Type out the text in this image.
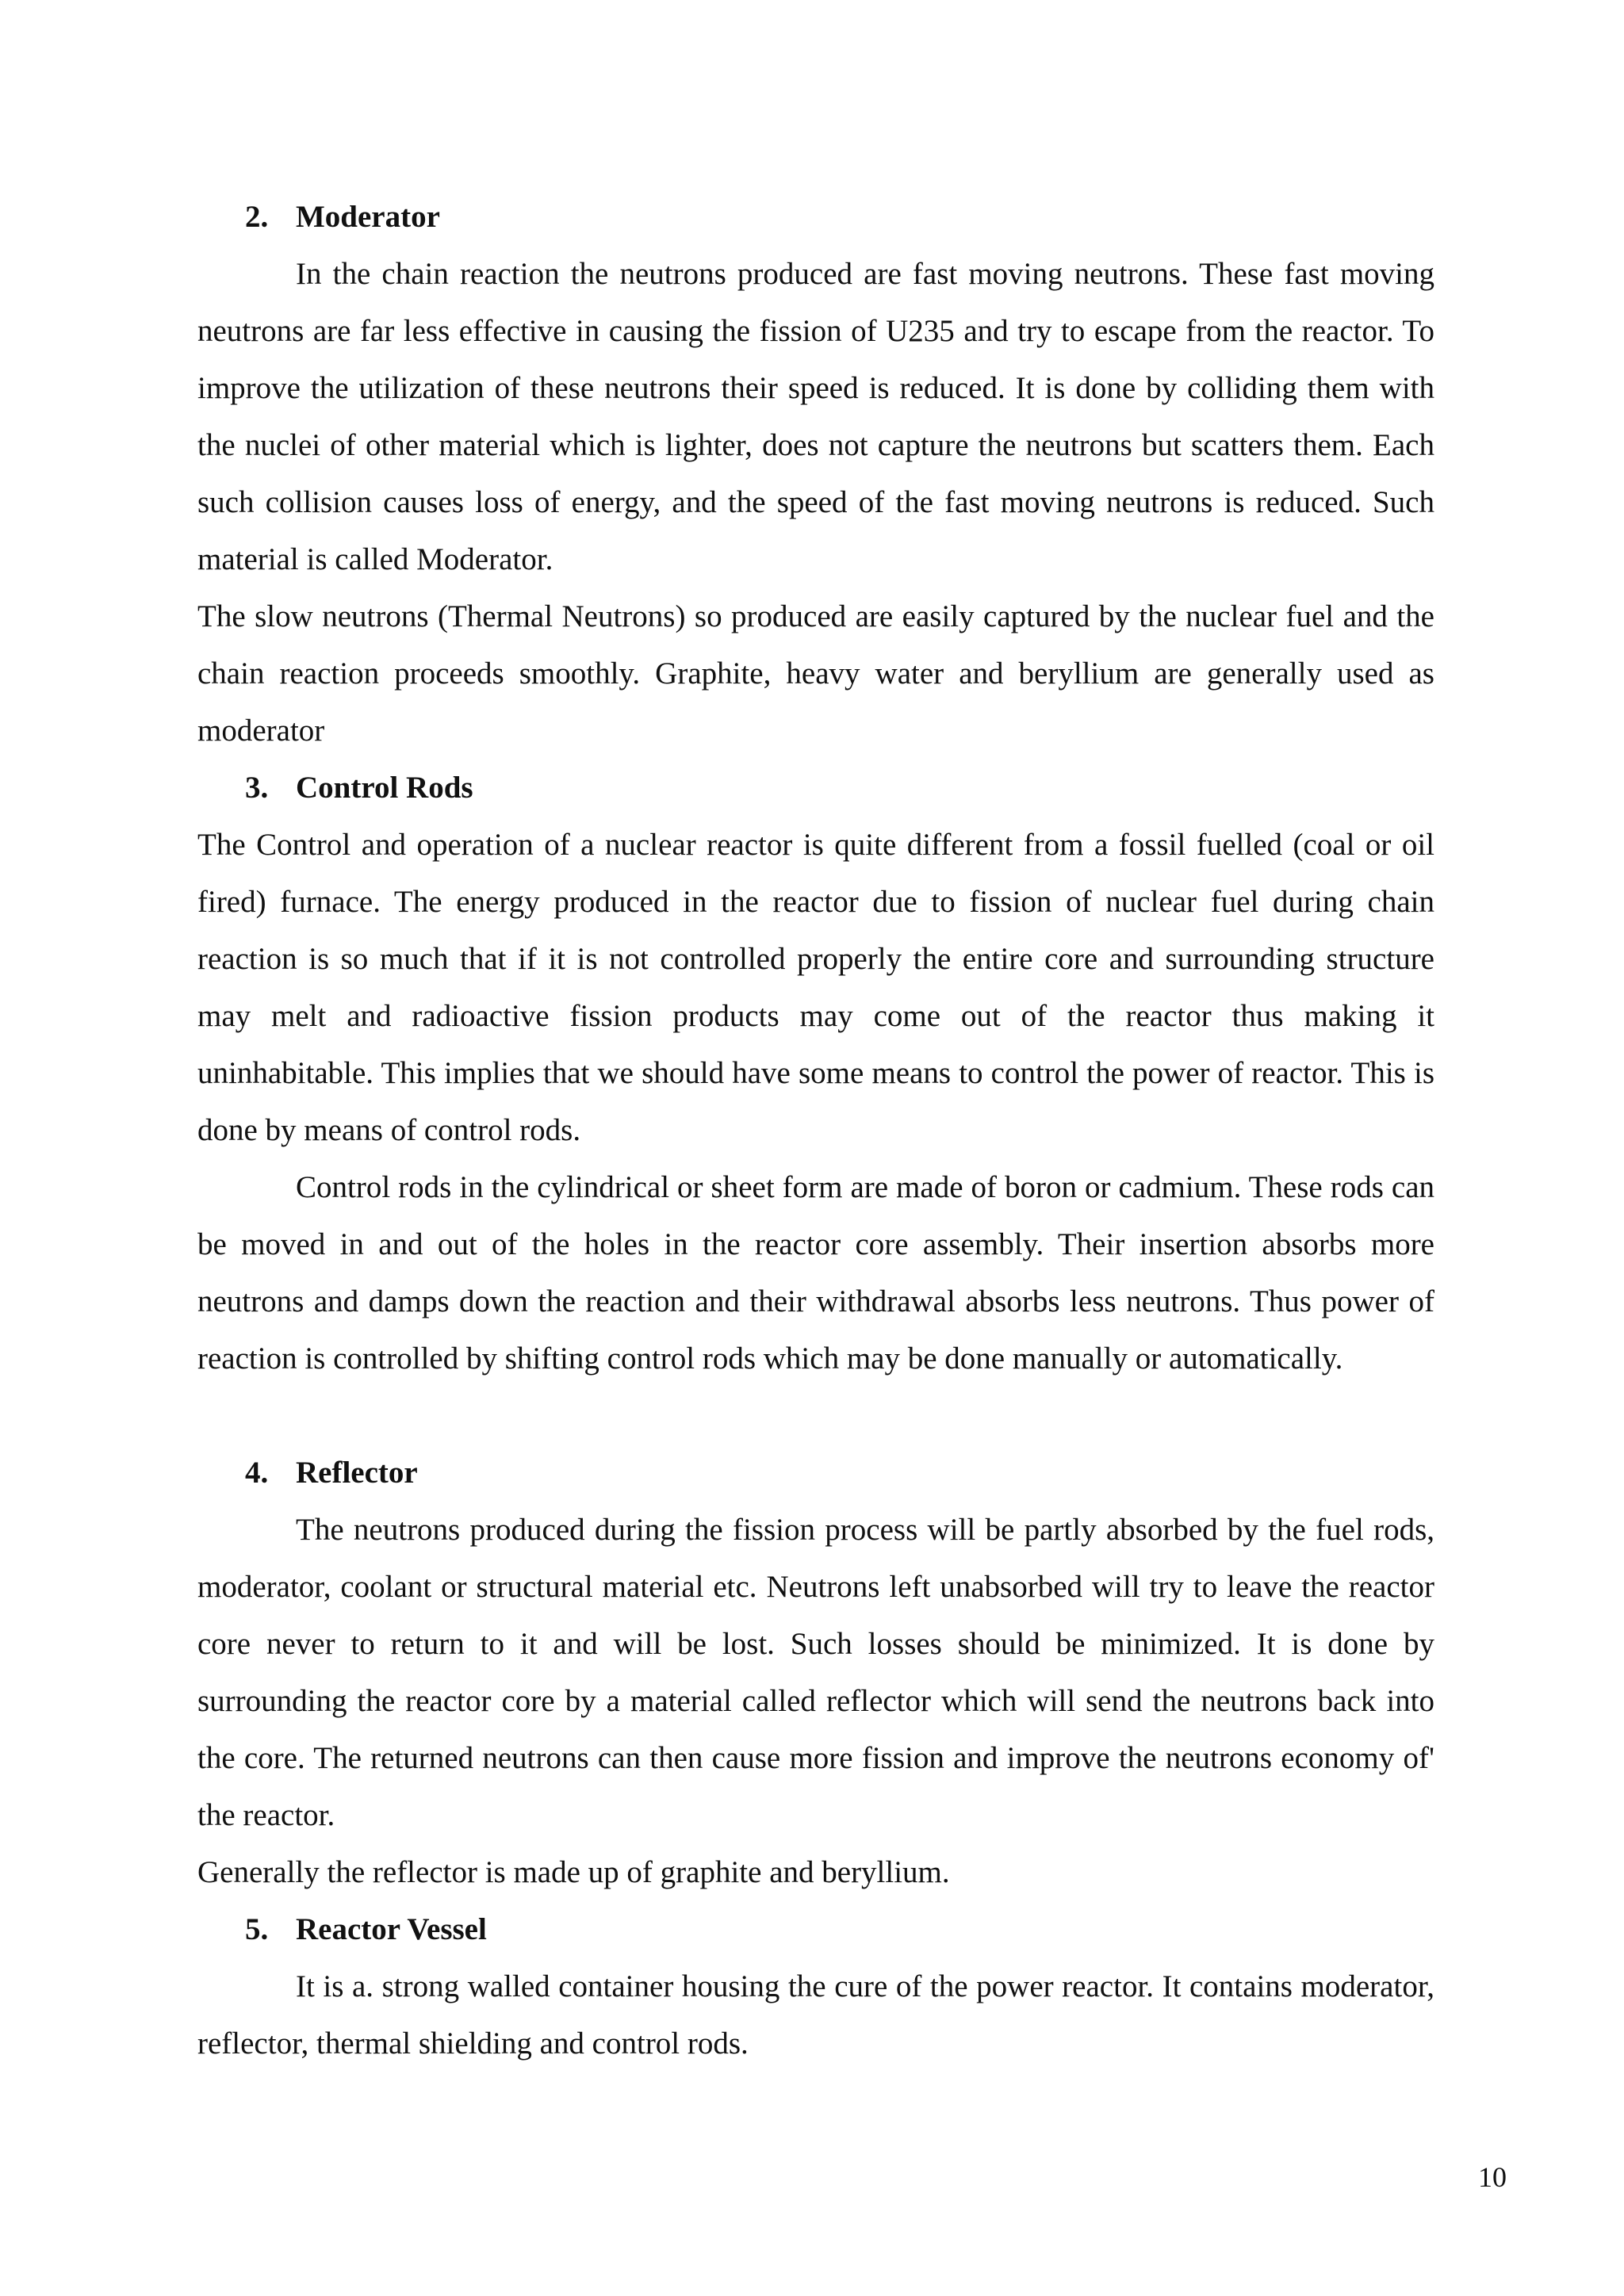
2. Moderator

In the chain reaction the neutrons produced are fast moving neutrons. These fast moving neutrons are far less effective in causing the fission of U235 and try to escape from the reactor. To improve the utilization of these neutrons their speed is reduced. It is done by colliding them with the nuclei of other material which is lighter, does not capture the neutrons but scatters them. Each such collision causes loss of energy, and the speed of the fast moving neutrons is reduced. Such material is called Moderator.

The slow neutrons (Thermal Neutrons) so produced are easily captured by the nuclear fuel and the chain reaction proceeds smoothly. Graphite, heavy water and beryllium are generally used as moderator

3. Control Rods

The Control and operation of a nuclear reactor is quite different from a fossil fuelled (coal or oil fired) furnace. The energy produced in the reactor due to fission of nuclear fuel during chain reaction is so much that if it is not controlled properly the entire core and surrounding structure may melt and radioactive fission products may come out of the reactor thus making it uninhabitable. This implies that we should have some means to control the power of reactor. This is done by means of control rods.

Control rods in the cylindrical or sheet form are made of boron or cadmium. These rods can be moved in and out of the holes in the reactor core assembly. Their insertion absorbs more neutrons and damps down the reaction and their withdrawal absorbs less neutrons. Thus power of reaction is controlled by shifting control rods which may be done manually or automatically.

4. Reflector

The neutrons produced during the fission process will be partly absorbed by the fuel rods, moderator, coolant or structural material etc. Neutrons left unabsorbed will try to leave the reactor core never to return to it and will be lost. Such losses should be minimized. It is done by surrounding the reactor core by a material called reflector which will send the neutrons back into the core. The returned neutrons can then cause more fission and improve the neutrons economy of' the reactor.

Generally the reflector is made up of graphite and beryllium.

5. Reactor Vessel

It is a. strong walled container housing the cure of the power reactor. It contains moderator, reflector, thermal shielding and control rods.

10
